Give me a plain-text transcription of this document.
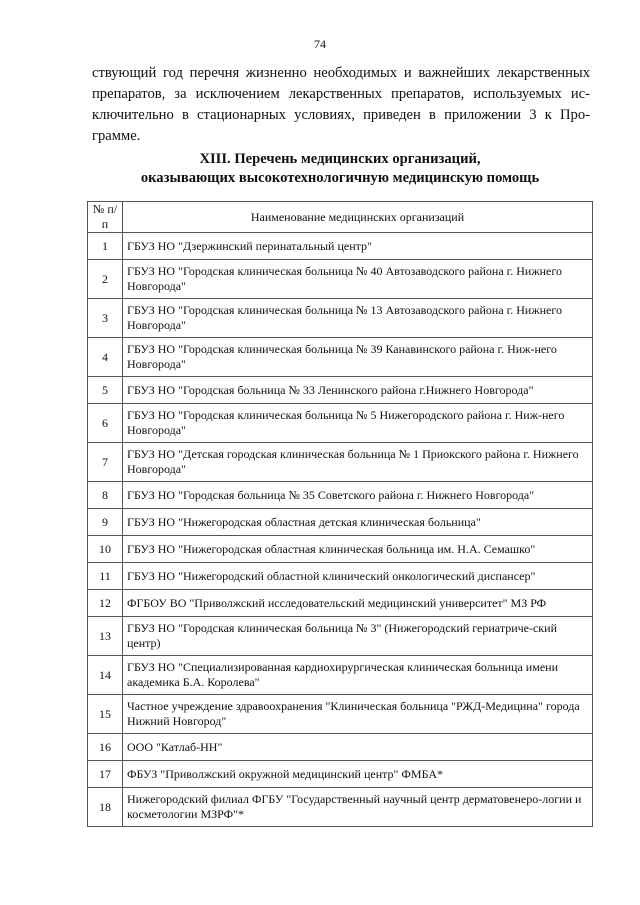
74

ствующий год перечня жизненно необходимых и важнейших лекарственных препаратов, за исключением лекарственных препаратов, используемых ис-ключительно в стационарных условиях, приведен в приложении 3 к Про-грамме.

XIII. Перечень медицинских организаций,
оказывающих высокотехнологичную медицинскую помощь
№ п/п	Наименование медицинских организаций
1	ГБУЗ НО "Дзержинский перинатальный центр"
2	ГБУЗ НО "Городская клиническая больница № 40 Автозаводского района г. Нижнего Новгорода"
3	ГБУЗ НО "Городская клиническая больница № 13 Автозаводского района г. Нижнего Новгорода"
4	ГБУЗ НО "Городская клиническая больница № 39 Канавинского района г. Ниж-него Новгорода"
5	ГБУЗ НО "Городская больница № 33 Ленинского района г.Нижнего Новгорода"
6	ГБУЗ НО "Городская клиническая больница № 5 Нижегородского района г. Ниж-него Новгорода"
7	ГБУЗ НО "Детская городская клиническая больница № 1 Приокского района г. Нижнего Новгорода"
8	ГБУЗ НО "Городская больница № 35 Советского района г. Нижнего Новгорода"
9	ГБУЗ НО "Нижегородская областная детская клиническая больница"
10	ГБУЗ НО "Нижегородская областная клиническая больница им. Н.А. Семашко"
11	ГБУЗ НО "Нижегородский областной клинический онкологический диспансер"
12	ФГБОУ ВО "Приволжский исследовательский медицинский университет" МЗ РФ
13	ГБУЗ НО "Городская клиническая больница № 3" (Нижегородский гериатриче-ский центр)
14	ГБУЗ НО "Специализированная кардиохирургическая клиническая больница имени академика Б.А. Королева"
15	Частное учреждение здравоохранения "Клиническая больница "РЖД-Медицина" города Нижний Новгород"
16	ООО "Катлаб-НН"
17	ФБУЗ "Приволжский окружной медицинский центр" ФМБА*
18	Нижегородский филиал ФГБУ "Государственный научный центр дерматовенеро-логии и косметологии МЗРФ"*
